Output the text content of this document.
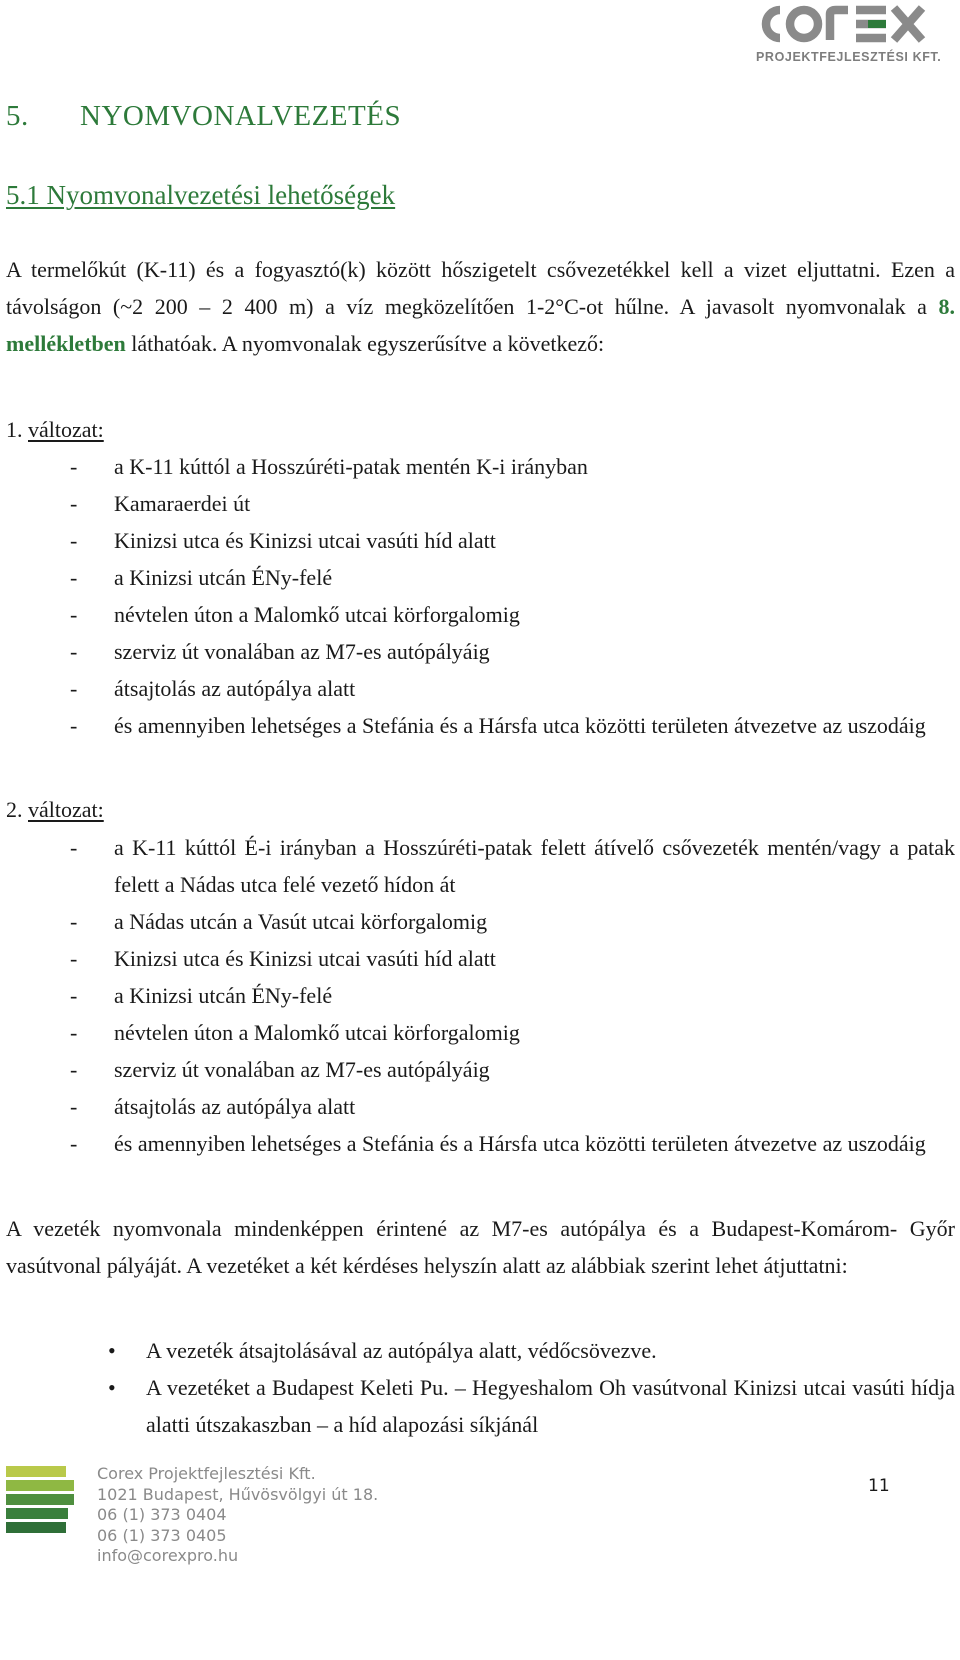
PROJEKTFEJLESZTÉSI KFT.
5. NYOMVONALVEZETÉS
5.1 Nyomvonalvezetési lehetőségek
A termelőkút (K-11) és a fogyasztó(k) között hőszigetelt csővezetékkel kell a vizet eljuttatni. Ezen a távolságon (~2 200 – 2 400 m) a víz megközelítően 1-2°C-ot hűlne. A javasolt nyomvonalak a 8. mellékletben láthatóak. A nyomvonalak egyszerűsítve a következő:
1. változat:
-	a K-11 kúttól a Hosszúréti-patak mentén K-i irányban
-	Kamaraerdei út
-	Kinizsi utca és Kinizsi utcai vasúti híd alatt
-	a Kinizsi utcán ÉNy-felé
-	névtelen úton a Malomkő utcai körforgalomig
-	szerviz út vonalában az M7-es autópályáig
-	átsajtolás az autópálya alatt
-	és amennyiben lehetséges a Stefánia és a Hársfa utca közötti területen átvezetve az uszodáig
2. változat:
-	a K-11 kúttól É-i irányban a Hosszúréti-patak felett átívelő csővezeték mentén/vagy a patak felett a Nádas utca felé vezető hídon át
-	a Nádas utcán a Vasút utcai körforgalomig
-	Kinizsi utca és Kinizsi utcai vasúti híd alatt
-	a Kinizsi utcán ÉNy-felé
-	névtelen úton a Malomkő utcai körforgalomig
-	szerviz út vonalában az M7-es autópályáig
-	átsajtolás az autópálya alatt
-	és amennyiben lehetséges a Stefánia és a Hársfa utca közötti területen átvezetve az uszodáig
A vezeték nyomvonala mindenképpen érintené az M7-es autópálya és a Budapest-Komárom- Győr vasútvonal pályáját. A vezetéket a két kérdéses helyszín alatt az alábbiak szerint lehet átjuttatni:
• A vezeték átsajtolásával az autópálya alatt, védőcsövezve.
• A vezetéket a Budapest Keleti Pu. – Hegyeshalom Oh vasútvonal Kinizsi utcai vasúti hídja alatti útszakaszban – a híd alapozási síkjánál
Corex Projektfejlesztési Kft.
1021 Budapest, Hűvösvölgyi út 18.
06 (1) 373 0404
06 (1) 373 0405
info@corexpro.hu
11
